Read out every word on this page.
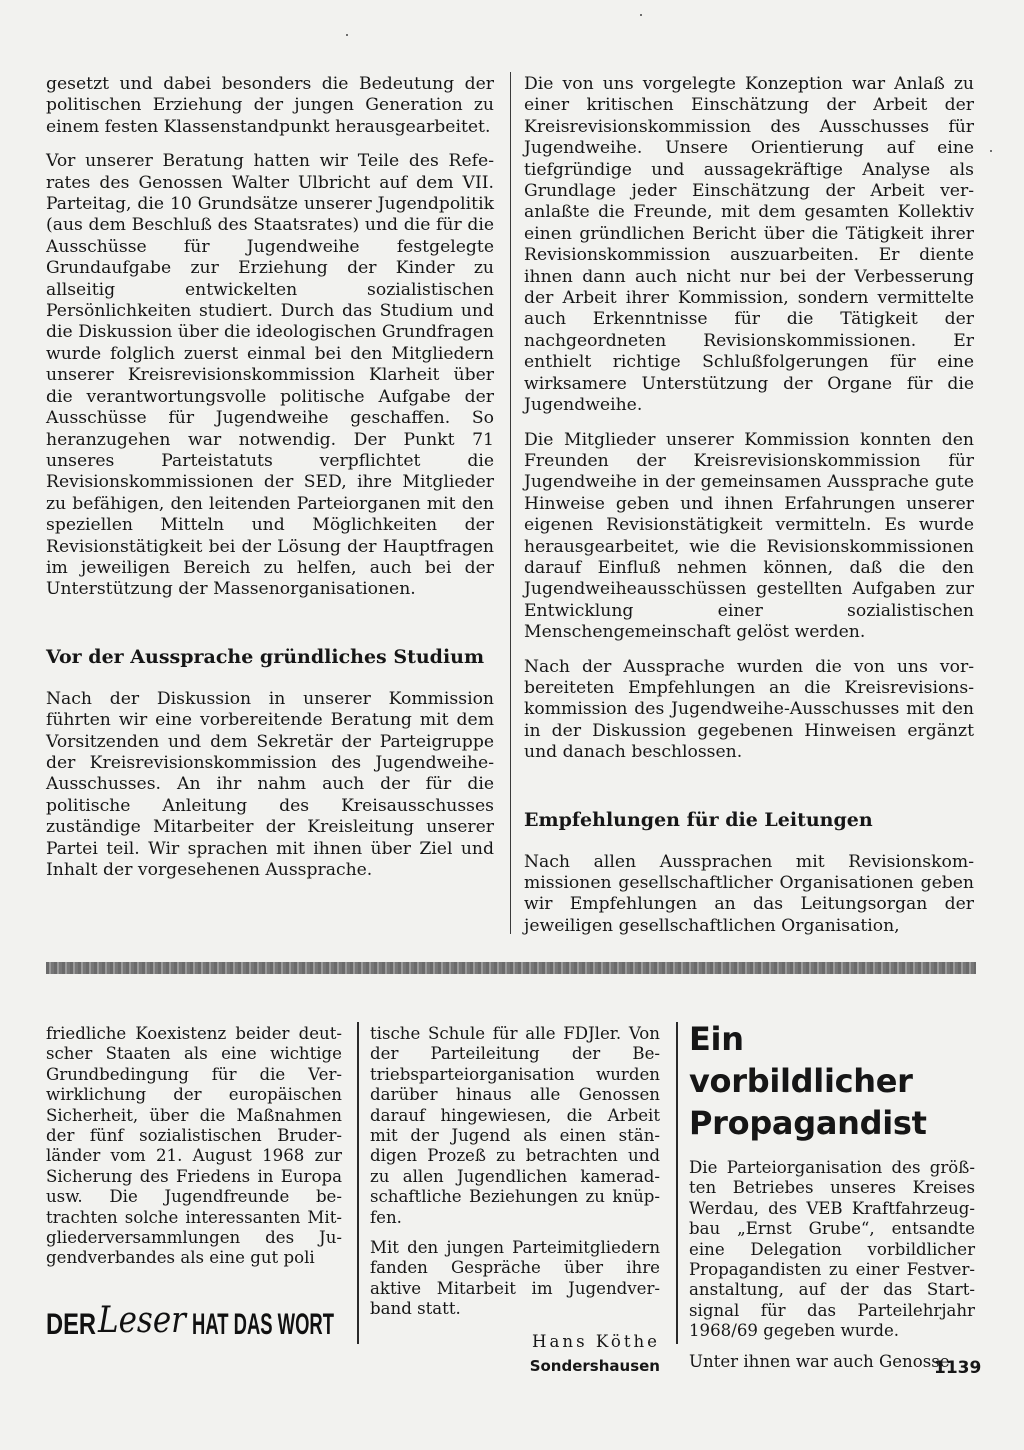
gesetzt und dabei besonders die Bedeutung der politischen Erziehung der jungen Generation zu einem festen Klassenstandpunkt herausgearbeitet.

Vor unserer Beratung hatten wir Teile des Referates des Genossen Walter Ulbricht auf dem VII. Parteitag, die 10 Grundsätze unserer Jugendpolitik (aus dem Beschluß des Staatsrates) und die für die Ausschüsse für Jugendweihe festgelegte Grundaufgabe zur Erziehung der Kinder zu allseitig entwickelten sozialistischen Persönlichkeiten studiert. Durch das Studium und die Diskussion über die ideologischen Grundfragen wurde folglich zuerst einmal bei den Mitgliedern unserer Kreisrevisionskommission Klarheit über die verantwortungsvolle politische Aufgabe der Ausschüsse für Jugendweihe geschaffen. So heranzugehen war notwendig. Der Punkt 71 unseres Parteistatuts verpflichtet die Revisionskommissionen der SED, ihre Mitglieder zu befähigen, den leitenden Parteiorganen mit den speziellen Mitteln und Möglichkeiten der Revisionstätigkeit bei der Lösung der Hauptfragen im jeweiligen Bereich zu helfen, auch bei der Unterstützung der Massenorganisationen.

Vor der Aussprache gründliches Studium

Nach der Diskussion in unserer Kommission führten wir eine vorbereitende Beratung mit dem Vorsitzenden und dem Sekretär der Parteigruppe der Kreisrevisionskommission des Jugendweihe-Ausschusses. An ihr nahm auch der für die politische Anleitung des Kreisausschusses zuständige Mitarbeiter der Kreisleitung unserer Partei teil. Wir sprachen mit ihnen über Ziel und Inhalt der vorgesehenen Aussprache.

Die von uns vorgelegte Konzeption war Anlaß zu einer kritischen Einschätzung der Arbeit der Kreisrevisionskommission des Ausschusses für Jugendweihe. Unsere Orientierung auf eine tiefgründige und aussagekräftige Analyse als Grundlage jeder Einschätzung der Arbeit veranlaßte die Freunde, mit dem gesamten Kollektiv einen gründlichen Bericht über die Tätigkeit ihrer Revisionskommission auszuarbeiten. Er diente ihnen dann auch nicht nur bei der Verbesserung der Arbeit ihrer Kommission, sondern vermittelte auch Erkenntnisse für die Tätigkeit der nachgeordneten Revisionskommissionen. Er enthielt richtige Schlußfolgerungen für eine wirksamere Unterstützung der Organe für die Jugendweihe.

Die Mitglieder unserer Kommission konnten den Freunden der Kreisrevisionskommission für Jugendweihe in der gemeinsamen Aussprache gute Hinweise geben und ihnen Erfahrungen unserer eigenen Revisionstätigkeit vermitteln. Es wurde herausgearbeitet, wie die Revisionskommissionen darauf Einfluß nehmen können, daß die den Jugendweiheausschüssen gestellten Aufgaben zur Entwicklung einer sozialistischen Menschengemeinschaft gelöst werden.

Nach der Aussprache wurden die von uns vorbereiteten Empfehlungen an die Kreisrevisionskommission des Jugendweihe-Ausschusses mit den in der Diskussion gegebenen Hinweisen ergänzt und danach beschlossen.

Empfehlungen für die Leitungen

Nach allen Aussprachen mit Revisionskommissionen gesellschaftlicher Organisationen geben wir Empfehlungen an das Leitungsorgan der jeweiligen gesellschaftlichen Organisation,

friedliche Koexistenz beider deutscher Staaten als eine wichtige Grundbedingung für die Verwirklichung der europäischen Sicherheit, über die Maßnahmen der fünf sozialistischen Bruderländer vom 21. August 1968 zur Sicherung des Friedens in Europa usw. Die Jugendfreunde betrachten solche interessanten Mitgliederversammlungen des Jugendverbandes als eine gut poli

tische Schule für alle FDJler. Von der Parteileitung der Betriebsparteiorganisation wurden darüber hinaus alle Genossen darauf hingewiesen, die Arbeit mit der Jugend als einen ständigen Prozeß zu betrachten und zu allen Jugendlichen kameradschaftliche Beziehungen zu knüpfen.

Mit den jungen Parteimitgliedern fanden Gespräche über ihre aktive Mitarbeit im Jugendverband statt.

Hans Köthe
Sondershausen

Ein vorbildlicher Propagandist

Die Parteiorganisation des größten Betriebes unseres Kreises Werdau, des VEB Kraftfahrzeugbau „Ernst Grube“, entsandte eine Delegation vorbildlicher Propagandisten zu einer Festveranstaltung, auf der das Startsignal für das Parteilehrjahr 1968/69 gegeben wurde.

Unter ihnen war auch Genosse

DER Leser HAT DAS WORT
1139
